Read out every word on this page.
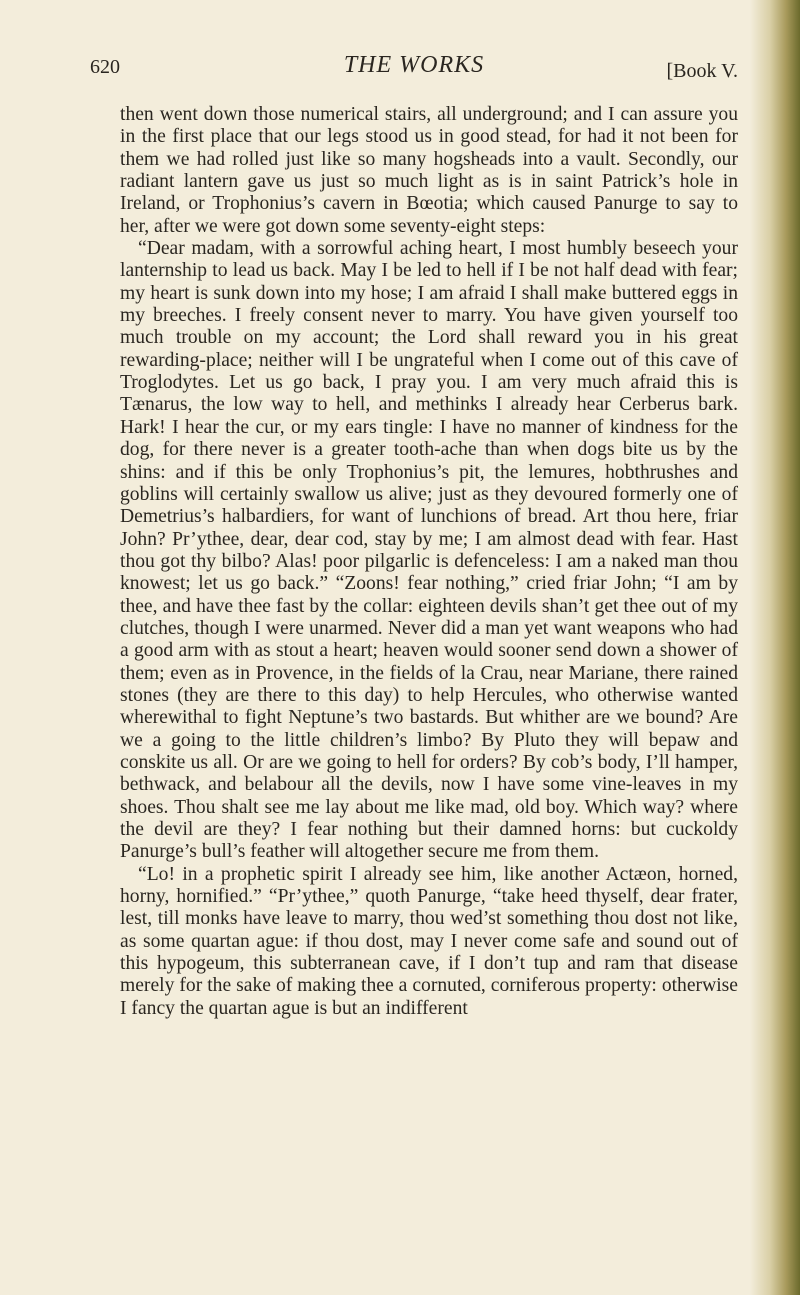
620	THE WORKS	[Book V.

then went down those numerical stairs, all underground; and I can assure you in the first place that our legs stood us in good stead, for had it not been for them we had rolled just like so many hogsheads into a vault. Secondly, our radiant lantern gave us just so much light as is in saint Patrick’s hole in Ireland, or Trophonius’s cavern in Bœotia; which caused Panurge to say to her, after we were got down some seventy-eight steps:

“Dear madam, with a sorrowful aching heart, I most humbly beseech your lanternship to lead us back. May I be led to hell if I be not half dead with fear; my heart is sunk down into my hose; I am afraid I shall make buttered eggs in my breeches. I freely consent never to marry. You have given yourself too much trouble on my account; the Lord shall reward you in his great rewarding-place; neither will I be ungrateful when I come out of this cave of Troglodytes. Let us go back, I pray you. I am very much afraid this is Tænarus, the low way to hell, and methinks I already hear Cerberus bark. Hark! I hear the cur, or my ears tingle: I have no manner of kindness for the dog, for there never is a greater tooth-ache than when dogs bite us by the shins: and if this be only Trophonius’s pit, the lemures, hobthrushes and goblins will certainly swallow us alive; just as they devoured formerly one of Demetrius’s halbardiers, for want of lunchions of bread. Art thou here, friar John? Pr’ythee, dear, dear cod, stay by me; I am almost dead with fear. Hast thou got thy bilbo? Alas! poor pilgarlic is defenceless: I am a naked man thou knowest; let us go back.” “Zoons! fear nothing,” cried friar John; “I am by thee, and have thee fast by the collar: eighteen devils shan’t get thee out of my clutches, though I were unarmed. Never did a man yet want weapons who had a good arm with as stout a heart; heaven would sooner send down a shower of them; even as in Provence, in the fields of la Crau, near Mariane, there rained stones (they are there to this day) to help Hercules, who otherwise wanted wherewithal to fight Neptune’s two bastards. But whither are we bound? Are we a going to the little children’s limbo? By Pluto they will bepaw and conskite us all. Or are we going to hell for orders? By cob’s body, I’ll hamper, bethwack, and belabour all the devils, now I have some vine-leaves in my shoes. Thou shalt see me lay about me like mad, old boy. Which way? where the devil are they? I fear nothing but their damned horns: but cuckoldy Panurge’s bull’s feather will altogether secure me from them.

“Lo! in a prophetic spirit I already see him, like another Actæon, horned, horny, hornified.” “Pr’ythee,” quoth Panurge, “take heed thyself, dear frater, lest, till monks have leave to marry, thou wed’st something thou dost not like, as some quartan ague: if thou dost, may I never come safe and sound out of this hypogeum, this subterranean cave, if I don’t tup and ram that disease merely for the sake of making thee a cornuted, corniferous property: otherwise I fancy the quartan ague is but an indifferent
